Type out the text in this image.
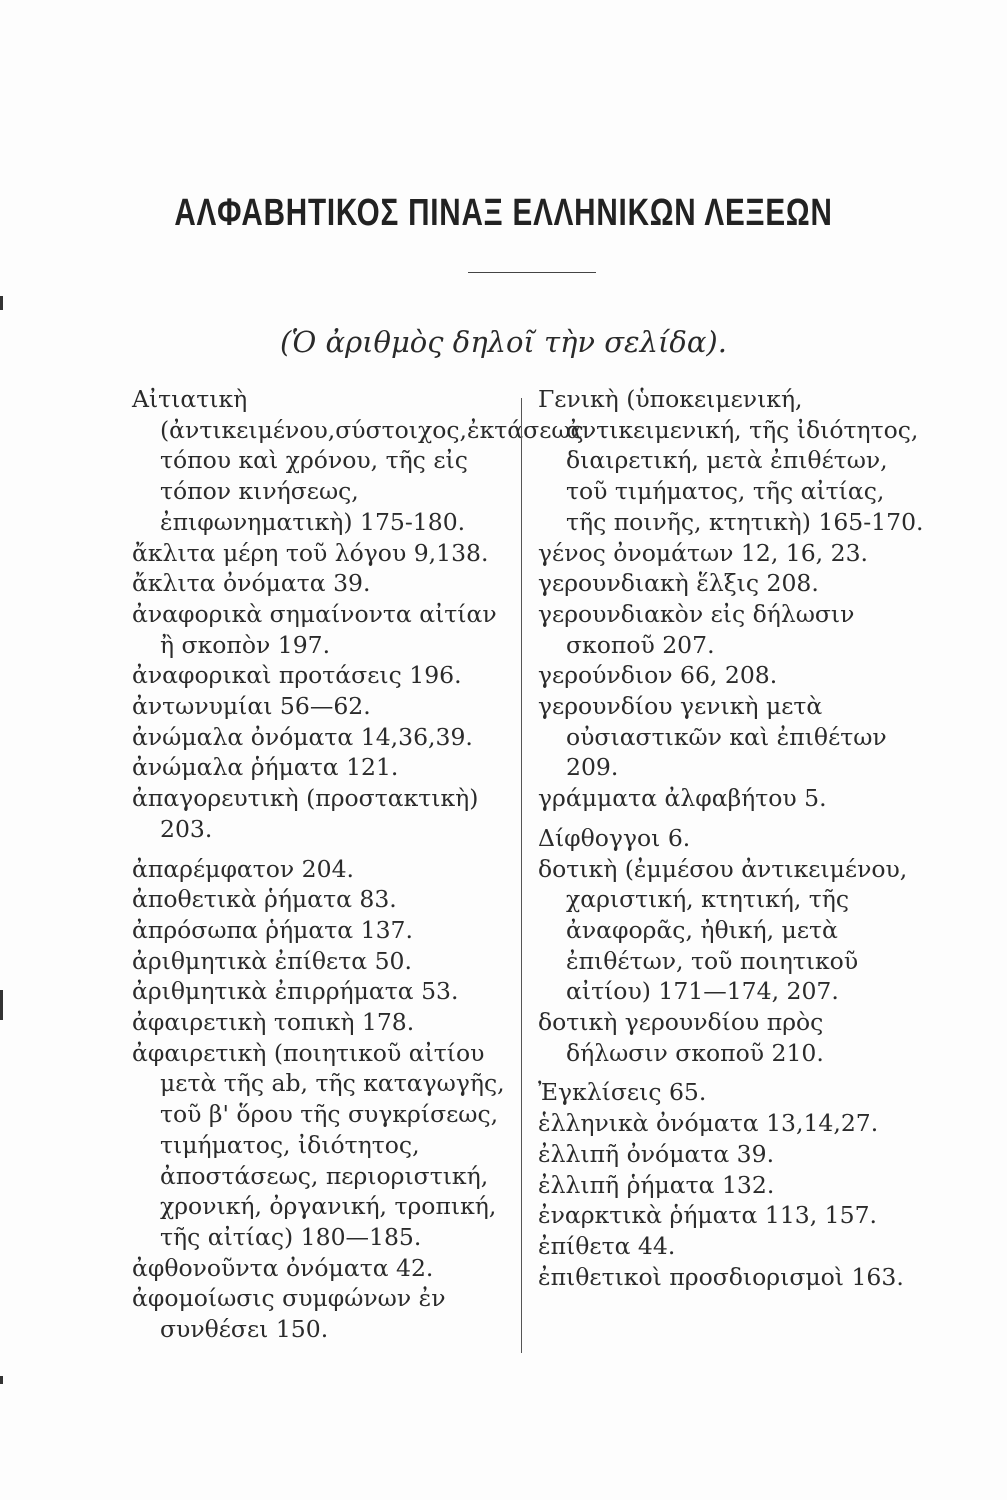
ΑΛΦΑΒΗΤΙΚΟΣ ΠΙΝΑΞ ΕΛΛΗΝΙΚΩΝ ΛΕΞΕΩΝ
(Ὁ ἀριθμὸς δηλοῖ τὴν σελίδα).

Αἰτιατικὴ (ἀντικειμένου,σύστοιχος,ἐκτάσεως τόπου καὶ χρόνου, τῆς εἰς τόπον κινήσεως, ἐπιφωνηματικὴ) 175-180.

ἄκλιτα μέρη τοῦ λόγου 9,138.

ἄκλιτα ὀνόματα 39.

ἀναφορικὰ σημαίνοντα αἰτίαν ἢ σκοπὸν 197.

ἀναφορικαὶ προτάσεις 196.

ἀντωνυμίαι 56—62.

ἀνώμαλα ὀνόματα 14,36,39.

ἀνώμαλα ῥήματα 121.

ἀπαγορευτικὴ (προστακτικὴ) 203.

ἀπαρέμφατον 204.

ἀποθετικὰ ῥήματα 83.

ἀπρόσωπα ῥήματα 137.

ἀριθμητικὰ ἐπίθετα 50.

ἀριθμητικὰ ἐπιρρήματα 53.

ἀφαιρετικὴ τοπικὴ 178.

ἀφαιρετικὴ (ποιητικοῦ αἰτίου μετὰ τῆς ab, τῆς καταγωγῆς, τοῦ β' ὅρου τῆς συγκρίσεως, τιμήματος, ἰδιότητος, ἀποστάσεως, περιοριστική, χρονική, ὀργανική, τροπική, τῆς αἰτίας) 180—185.

ἀφθονοῦντα ὀνόματα 42.

ἀφομοίωσις συμφώνων ἐν συνθέσει 150.

Γενικὴ (ὑποκειμενική, ἀντικειμενική, τῆς ἰδιότητος, διαιρετική, μετὰ ἐπιθέτων, τοῦ τιμήματος, τῆς αἰτίας, τῆς ποινῆς, κτητικὴ) 165-170.

γένος ὀνομάτων 12, 16, 23.

γερουνδιακὴ ἕλξις 208.

γερουνδιακὸν εἰς δήλωσιν σκοποῦ 207.

γερούνδιον 66, 208.

γερουνδίου γενικὴ μετὰ οὐσιαστικῶν καὶ ἐπιθέτων 209.

γράμματα ἀλφαβήτου 5.

Δίφθογγοι 6.

δοτικὴ (ἐμμέσου ἀντικειμένου, χαριστική, κτητική, τῆς ἀναφορᾶς, ἠθική, μετὰ ἐπιθέτων, τοῦ ποιητικοῦ αἰτίου) 171—174, 207.

δοτικὴ γερουνδίου πρὸς δήλωσιν σκοποῦ 210.

Ἐγκλίσεις 65.

ἑλληνικὰ ὀνόματα 13,14,27.

ἐλλιπῆ ὀνόματα 39.

ἐλλιπῆ ῥήματα 132.

ἐναρκτικὰ ῥήματα 113, 157.

ἐπίθετα 44.

ἐπιθετικοὶ προσδιορισμοὶ 163.
